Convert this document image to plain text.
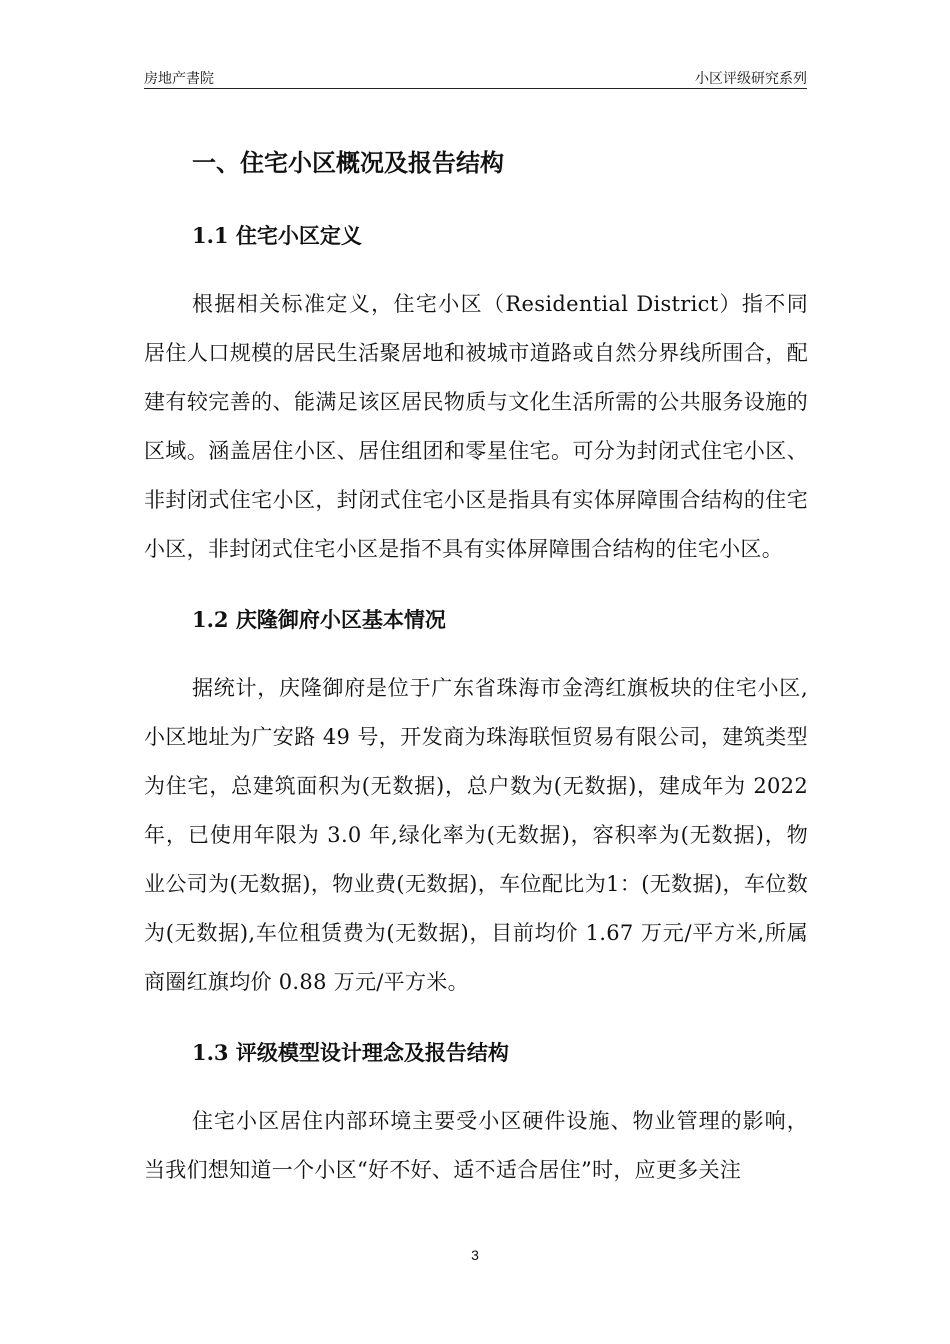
房地产書院	小区评级研究系列
一、住宅小区概况及报告结构
1.1 住宅小区定义

根据相关标准定义，住宅小区（Residential District）指不同居住人口规模的居民生活聚居地和被城市道路或自然分界线所围合，配建有较完善的、能满足该区居民物质与文化生活所需的公共服务设施的区域。涵盖居住小区、居住组团和零星住宅。可分为封闭式住宅小区、非封闭式住宅小区，封闭式住宅小区是指具有实体屏障围合结构的住宅小区，非封闭式住宅小区是指不具有实体屏障围合结构的住宅小区。

1.2 庆隆御府小区基本情况

据统计，庆隆御府是位于广东省珠海市金湾红旗板块的住宅小区,小区地址为广安路 49 号，开发商为珠海联恒贸易有限公司，建筑类型为住宅，总建筑面积为(无数据)，总户数为(无数据)，建成年为 2022 年，已使用年限为 3.0 年,绿化率为(无数据)，容积率为(无数据)，物业公司为(无数据)，物业费(无数据)，车位配比为1：(无数据)，车位数为(无数据),车位租赁费为(无数据)，目前均价 1.67 万元/平方米,所属商圈红旗均价 0.88 万元/平方米。

1.3 评级模型设计理念及报告结构

住宅小区居住内部环境主要受小区硬件设施、物业管理的影响，当我们想知道一个小区“好不好、适不适合居住”时，应更多关注

3
